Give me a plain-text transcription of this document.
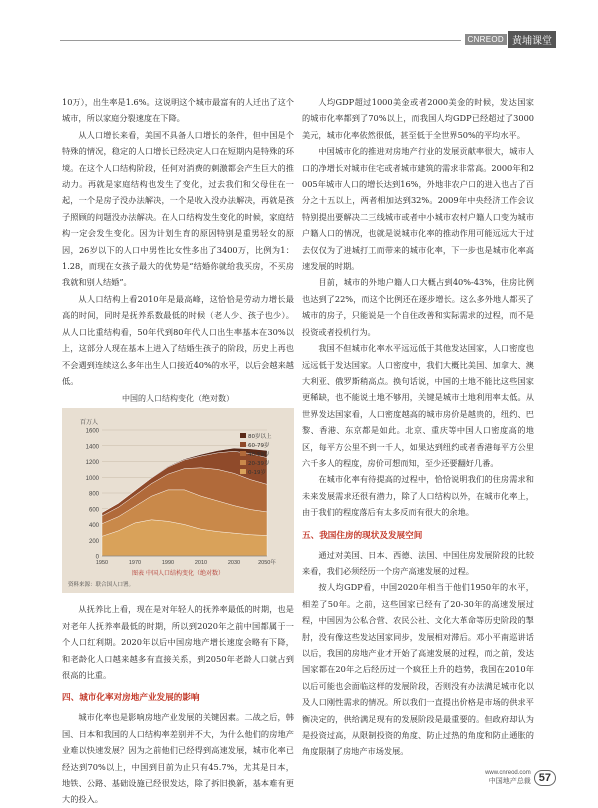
CNREOD 黄埔课堂

10万），出生率是1.6%。这说明这个城市最富有的人迁出了这个城市，所以家庭分裂速度在下降。

从人口增长来看，美国不具备人口增长的条件，但中国是个特殊的情况，稳定的人口增长已经决定人口在短期内是特殊的环境。在这个人口结构阶段，任何对消费的刺激都会产生巨大的推动力。再就是家庭结构也发生了变化，过去我们和父母住在一起，一个是房子没办法解决，一个是收入没办法解决，再就是孩子照顾的问题没办法解决。在人口结构发生变化的时候，家庭结构一定会发生变化。因为计划生育的原因特别是重男轻女的原因，26岁以下的人口中男性比女性多出了3400万，比例为1：1.28，而现在女孩子最大的优势是“结婚你就给我买房，不买房我就和别人结婚”。

从人口结构上看2010年是最高峰，这恰恰是劳动力增长最高的时间，同时是抚养系数最低的时候（老人少、孩子也少）。从人口比重结构看，50年代到80年代人口出生率基本在30%以上，这部分人现在基本上进入了结婚生孩子的阶段，历史上再也不会遇到连续这么多年出生人口接近40%的水平，以后会越来越低。

中国的人口结构变化（绝对数）
0
200
400
600
800
1000
1200
1400
1600
百万人
1950	1970	1990	2010	2030	2050年
80岁以上
60-79岁
40-59岁
20-39岁
0-19岁
图表 中国人口结构变化（绝对数）
资料来源：联合国人口署。

从抚养比上看，现在是对年轻人的抚养率最低的时期，也是对老年人抚养率最低的时期，所以到2020年之前中国都属于一个人口红利期。2020年以后中国房地产增长速度会略有下降，和老龄化人口越来越多有直接关系，到2050年老龄人口就占到很高的比重。

四、城市化率对房地产业发展的影响

城市化率也是影响房地产业发展的关键因素。二战之后，韩国、日本和我国的人口结构率差别并不大，为什么他们的房地产业难以快速发展？因为之前他们已经得到高速发展，城市化率已经达到70%以上，中国到目前为止只有45.7%，尤其是日本，地铁、公路、基础设施已经很发达，除了拆旧换新，基本难有更大的投入。

人均GDP超过1000美金或者2000美金的时候，发达国家的城市化率都到了70%以上，而我国人均GDP已经超过了3000美元，城市化率依然很低，甚至低于全世界50%的平均水平。

中国城市化的推进对房地产行业的发展贡献率很大，城市人口的净增长对城市住宅或者城市建筑的需求非常高。2000年和2005年城市人口的增长达到16%，外地非农户口的进入也占了百分之十五以上，两者相加达到32%。2009年中央经济工作会议特别提出要解决二三线城市或者中小城市农村户籍人口变为城市户籍人口的情况，也就是说城市化率的推动作用可能远远大于过去仅仅为了进城打工而带来的城市化率，下一步也是城市化率高速发展的时期。

目前，城市的外地户籍人口大概占到40%-43%，住房比例也达到了22%，而这个比例还在逐步增长。这么多外地人都买了城市的房子，只能说是一个自住改善和实际需求的过程，而不是投资或者投机行为。

我国不但城市化率水平远远低于其他发达国家，人口密度也远远低于发达国家。人口密度中，我们大概比美国、加拿大、澳大利亚、俄罗斯稍高点。换句话说，中国的土地不能比这些国家更稀缺，也不能说土地不够用，关键是城市土地利用率太低。从世界发达国家看，人口密度越高的城市房价是越贵的，纽约、巴黎、香港、东京都是如此。北京、重庆等中国人口密度高的地区，每平方公里不到一千人，如果达到纽约或者香港每平方公里六千多人的程度，房价可想而知，至少还要翻好几番。

在城市化率有待提高的过程中，恰恰说明我们的住房需求和未来发展需求还很有潜力，除了人口结构以外，在城市化率上，由于我们的程度落后有太多反而有很大的余地。

五、我国住房的现状及发展空间

通过对美国、日本、西德、法国、中国住房发展阶段的比较来看，我们必须经历一个房产高速发展的过程。

按人均GDP看，中国2020年相当于他们1950年的水平，相差了50年。之前，这些国家已经有了20-30年的高速发展过程，中国因为公私合营、农民公社、文化大革命等历史阶段的掣肘，没有像这些发达国家同步，发展相对滞后。邓小平南巡讲话以后，我国的房地产业才开始了高速发展的过程，而之前，发达国家都在20年之后经历过一个疯狂上升的趋势，我国在2010年以后可能也会面临这样的发展阶段，否则没有办法满足城市化以及人口刚性需求的情况。所以我们一直提出价格是市场的供求平衡决定的，供给满足现有的发展阶段是最重要的。但政府却认为是投资过高，从限制投资的角度、防止过热的角度和防止通胀的角度限制了房地产市场发展。

www.cnreod.com
中国地产总裁 57
